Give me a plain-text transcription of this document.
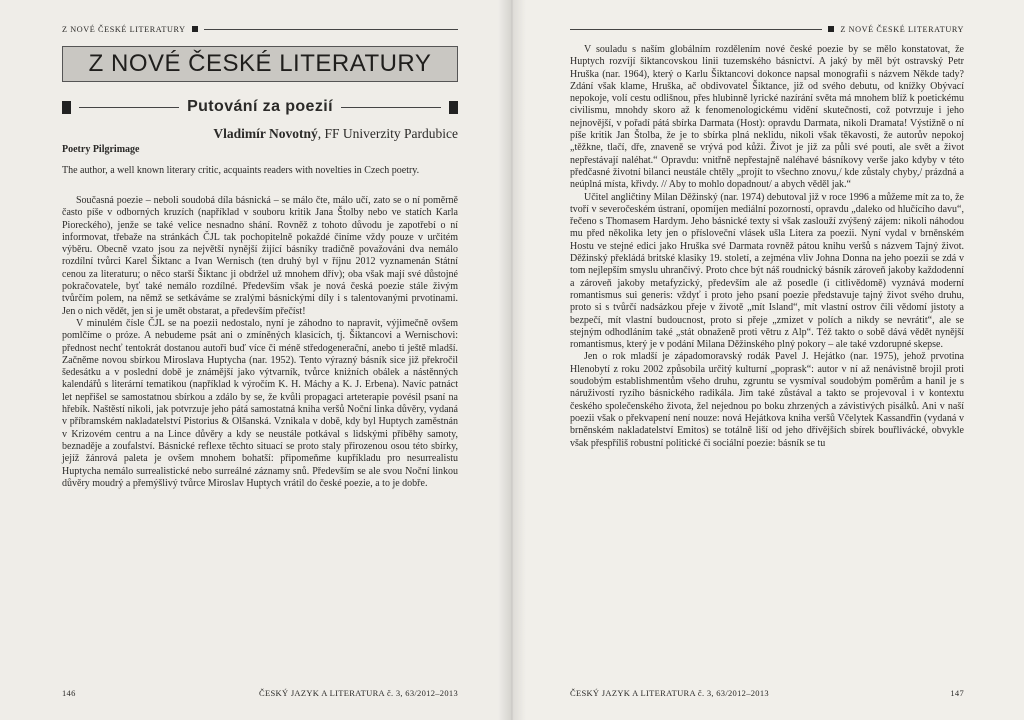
Z NOVÉ ČESKÉ LITERATURY
Z NOVÉ ČESKÉ LITERATURY
Putování za poezií
Vladimír Novotný, FF Univerzity Pardubice
Poetry Pilgrimage
The author, a well known literary critic, acquaints readers with novelties in Czech poetry.

Současná poezie – neboli soudobá díla básnická – se málo čte, málo učí, zato se o ní poměrně často píše v odborných kruzích (například v souboru kritik Jana Štolby nebo ve statích Karla Pioreckého), jenže se také velice nesnadno shání. Rovněž z tohoto důvodu je zapotřebí o ní informovat, třebaže na stránkách ČJL tak pochopitelně pokaždé činíme vždy pouze v určitém výběru. Obecně vzato jsou za největší nynější žijící básníky tradičně považováni dva nemálo rozdílní tvůrci Karel Šiktanc a Ivan Wernisch (ten druhý byl v říjnu 2012 vyznamenán Státní cenou za literaturu; o něco starší Šiktanc ji obdržel už mnohem dřív); oba však mají své důstojné pokračovatele, byť také nemálo rozdílné. Především však je nová česká poezie stále živým tvůrčím polem, na němž se setkáváme se zralými básnickými díly i s talentovanými prvotinami. Jen o nich vědět, jen si je umět obstarat, a především přečíst!

V minulém čísle ČJL se na poezii nedostalo, nyní je záhodno to napravit, výjimečně ovšem pomlčíme o próze. A nebudeme psát ani o zmíněných klasicích, tj. Šiktancovi a Wernischovi: přednost nechť tentokrát dostanou autoři buď více či méně středogenerační, anebo ti ještě mladší. Začněme novou sbírkou Miroslava Huptycha (nar. 1952). Tento výrazný básník sice již překročil šedesátku a v poslední době je známější jako výtvarník, tvůrce kniżních obálek a nástěnných kalendářů s literární tematikou (například k výročím K. H. Máchy a K. J. Erbena). Navíc patnáct let nepřišel se samostatnou sbírkou a zdálo by se, že kvůli propagaci arteterapie povésil psaní na hřebík. Naštěstí nikoli, jak potvrzuje jeho pátá samostatná kniha veršů Noční linka důvěry, vydaná v příbramském nakladatelství Pistorius & Olšanská. Vznikala v době, kdy byl Huptych zaměstnán v Krizovém centru a na Lince důvěry a kdy se neustále potkával s lidskými příběhy samoty, beznaděje a zoufalství. Básnické reflexe těchto situací se proto staly přirozenou osou této sbírky, jejíž žánrová paleta je ovšem mnohem bohatší: připomeňme kupříkladu pro nesurrealistu Huptycha nemálo surrealistické nebo surreálné záznamy snů. Především se ale svou Noční linkou důvěry moudrý a přemýšlivý tvůrce Miroslav Huptych vrátil do české poezie, a to je dobře.

146	ČESKÝ JAZYK A LITERATURA č. 3, 63/2012–2013
Z NOVÉ ČESKÉ LITERATURY

V souladu s naším globálním rozdělením nové české poezie by se mělo konstatovat, že Huptych rozvíjí šiktancovskou linii tuzemského básnictví. A jaký by měl být ostravský Petr Hruška (nar. 1964), který o Karlu Šiktancovi dokonce napsal monografii s názvem Někde tady? Zdání však klame, Hruška, ač obdivovatel Šiktance, již od svého debutu, od knížky Obývací nepokoje, volí cestu odlišnou, přes hlubinně lyrické nazírání světa má mnohem blíž k poetickému civilismu, mnohdy skoro až k fenomenologickému vidění skutečnosti, což potvrzuje i jeho nejnovější, v pořadí pátá sbírka Darmata (Host): opravdu Darmata, nikoli Dramata! Výstižně o ní píše kritik Jan Štolba, že je to sbírka plná neklidu, nikoli však těkavosti, že autorův nepokoj „těžkne, tlačí, dře, znaveně se vrývá pod kůži. Život je již za půli své pouti, ale svět a život nepřestávají naléhat.“ Opravdu: vnitřně nepřestajně naléhavé básníkovy verše jako kdyby v této předčasné životní bilanci neustále chtěly „projít to všechno znovu,/ kde zůstaly chyby,/ prázdná a neúplná místa, křivdy. // Aby to mohlo dopadnout/ a abych věděl jak.“

Učitel angličtiny Milan Děžinský (nar. 1974) debutoval již v roce 1996 a můžeme mít za to, že tvoří v severočeském ústraní, opomíjen mediální pozorností, opravdu „daleko od hlučícího davu“, řečeno s Thomasem Hardym. Jeho básnické texty si však zaslouží zvýšený zájem: nikoli náhodou mu před několika lety jen o přísloveční vlásek ušla Litera za poezii. Nyní vydal v brněnském Hostu ve stejné edici jako Hruška své Darmata rovněž pátou knihu veršů s názvem Tajný život. Děžinský překládá britské klasiky 19. století, a zejména vliv Johna Donna na jeho poezii se zdá v tom nejlepším smyslu uhrančivý. Proto chce být náš roudnický básník zároveň jakoby každodenní a zároveň jakoby metafyzický, především ale až posedle (i citlivědomě) vyznává moderní romantismus sui generis: vždyť i proto jeho psaní poezie představuje tajný život svého druhu, proto si s tvůrčí nadsázkou přeje v životě „mít Island“, mít vlastní ostrov čili vědomí jistoty a bezpečí, mít vlastní budoucnost, proto si přeje „zmizet v polích a nikdy se nevrátit“, ale se stejným odhodláním také „stát obnaženě proti větru z Alp“. Též takto o sobě dává vědět nynější romantismus, který je v podání Milana Děžinského plný pokory – ale také vzdorupné skepse.

Jen o rok mladší je západomoravský rodák Pavel J. Hejátko (nar. 1975), jehož prvotina Hlenobytí z roku 2002 způsobila určitý kulturní „poprask“: autor v ní až nenávistně brojil proti soudobým establishmentům všeho druhu, zgruntu se vysmíval soudobým poměrům a hanil je s náruživostí ryzího básnického radikála. Jim také zůstával a takto se projevoval i v kontextu českého společenského života, žel nejednou po boku zhrzených a závistivých pisálků. Ani v naší poezii však o překvapení není nouze: nová Hejátkova kniha veršů Včelytek Kassandřin (vydaná v brněnském nakladatelství Emitos) se totálně liší od jeho dřívějších sbírek bouřlivácké, obvykle však přespříliš robustní politické či sociální poezie: básník se tu

ČESKÝ JAZYK A LITERATURA č. 3, 63/2012–2013	147
